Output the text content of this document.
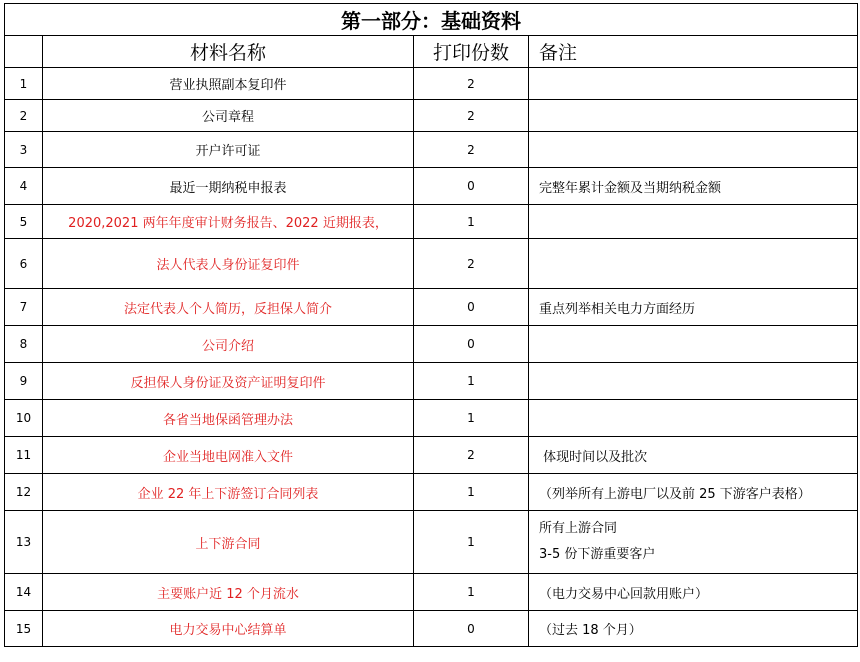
第一部分：基础资料			
	材料名称	打印份数	备注
1	营业执照副本复印件	2	
2	公司章程	2	
3	开户许可证	2	
4	最近一期纳税申报表	0	完整年累计金额及当期纳税金额
5	2020,2021 两年年度审计财务报告、2022 近期报表，	1	
6	法人代表人身份证复印件	2	
7	法定代表人个人简历，反担保人简介	0	重点列举相关电力方面经历
8	公司介绍	0	
9	反担保人身份证及资产证明复印件	1	
10	各省当地保函管理办法	1	
11	企业当地电网准入文件	2	体现时间以及批次
12	企业 22 年上下游签订合同列表	1	（列举所有上游电厂以及前 25 下游客户表格）
13	上下游合同	1	所有上游合同
3-5 份下游重要客户

14	主要账户近 12 个月流水	1	（电力交易中心回款用账户）
15	电力交易中心结算单	0	（过去 18 个月）
